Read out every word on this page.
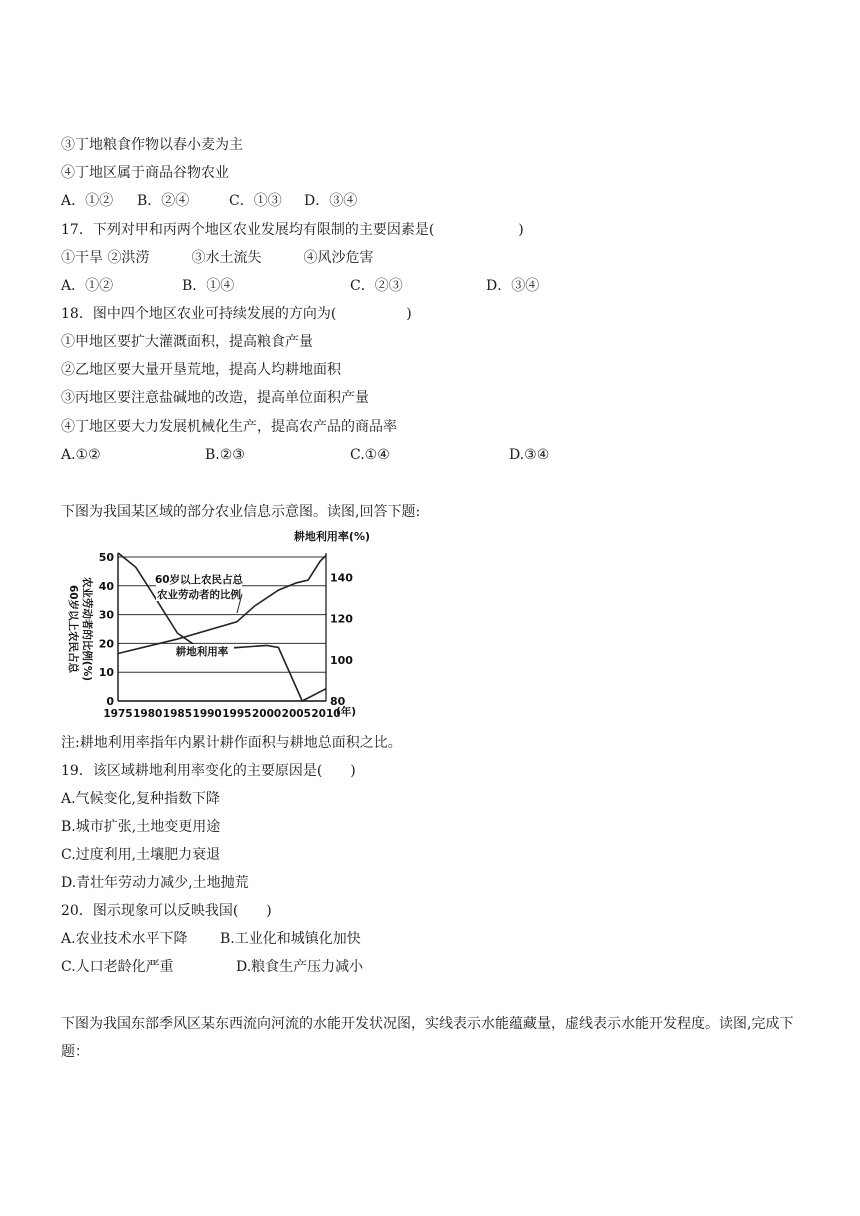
③丁地粮食作物以春小麦为主
④丁地区属于商品谷物农业
A．①② B．②④	C．①③ D．③④
17．下列对甲和丙两个地区农业发展均有限制的主要因素是(　　　　　　)
①干旱 ②洪涝　　　③水土流失　　　④风沙危害
A．①②	B．①④	C．②③	D．③④
18．图中四个地区农业可持续发展的方向为(　　　　　)
①甲地区要扩大灌溉面积，提高粮食产量
②乙地区要大量开垦荒地，提高人均耕地面积
③丙地区要注意盐碱地的改造，提高单位面积产量
④丁地区要大力发展机械化生产，提高农产品的商品率
A.①②	B.②③	C.①④	D.③④
下图为我国某区域的部分农业信息示意图。读图,回答下题:
0
10
20
30
40
50
80
100
120
140
1975 1980 1985 1990 1995 2000 2005 2010
(年)
耕地利用率(%)
60岁以上农民占总 农业劳动者的比例(%)	60岁以上农民占总
农业劳动者的比例
耕地利用率
注:耕地利用率指年内累计耕作面积与耕地总面积之比。
19．该区域耕地利用率变化的主要原因是(　　)
A.气候变化,复种指数下降
B.城市扩张,土地变更用途
C.过度利用,土壤肥力衰退
D.青壮年劳动力减少,土地抛荒
20．图示现象可以反映我国(　　)
A.农业技术水平下降 B.工业化和城镇化加快
C.人口老龄化严重	D.粮食生产压力减小
下图为我国东部季风区某东西流向河流的水能开发状况图，实线表示水能蕴藏量，虚线表示水能开发程度。读图,完成下题：
